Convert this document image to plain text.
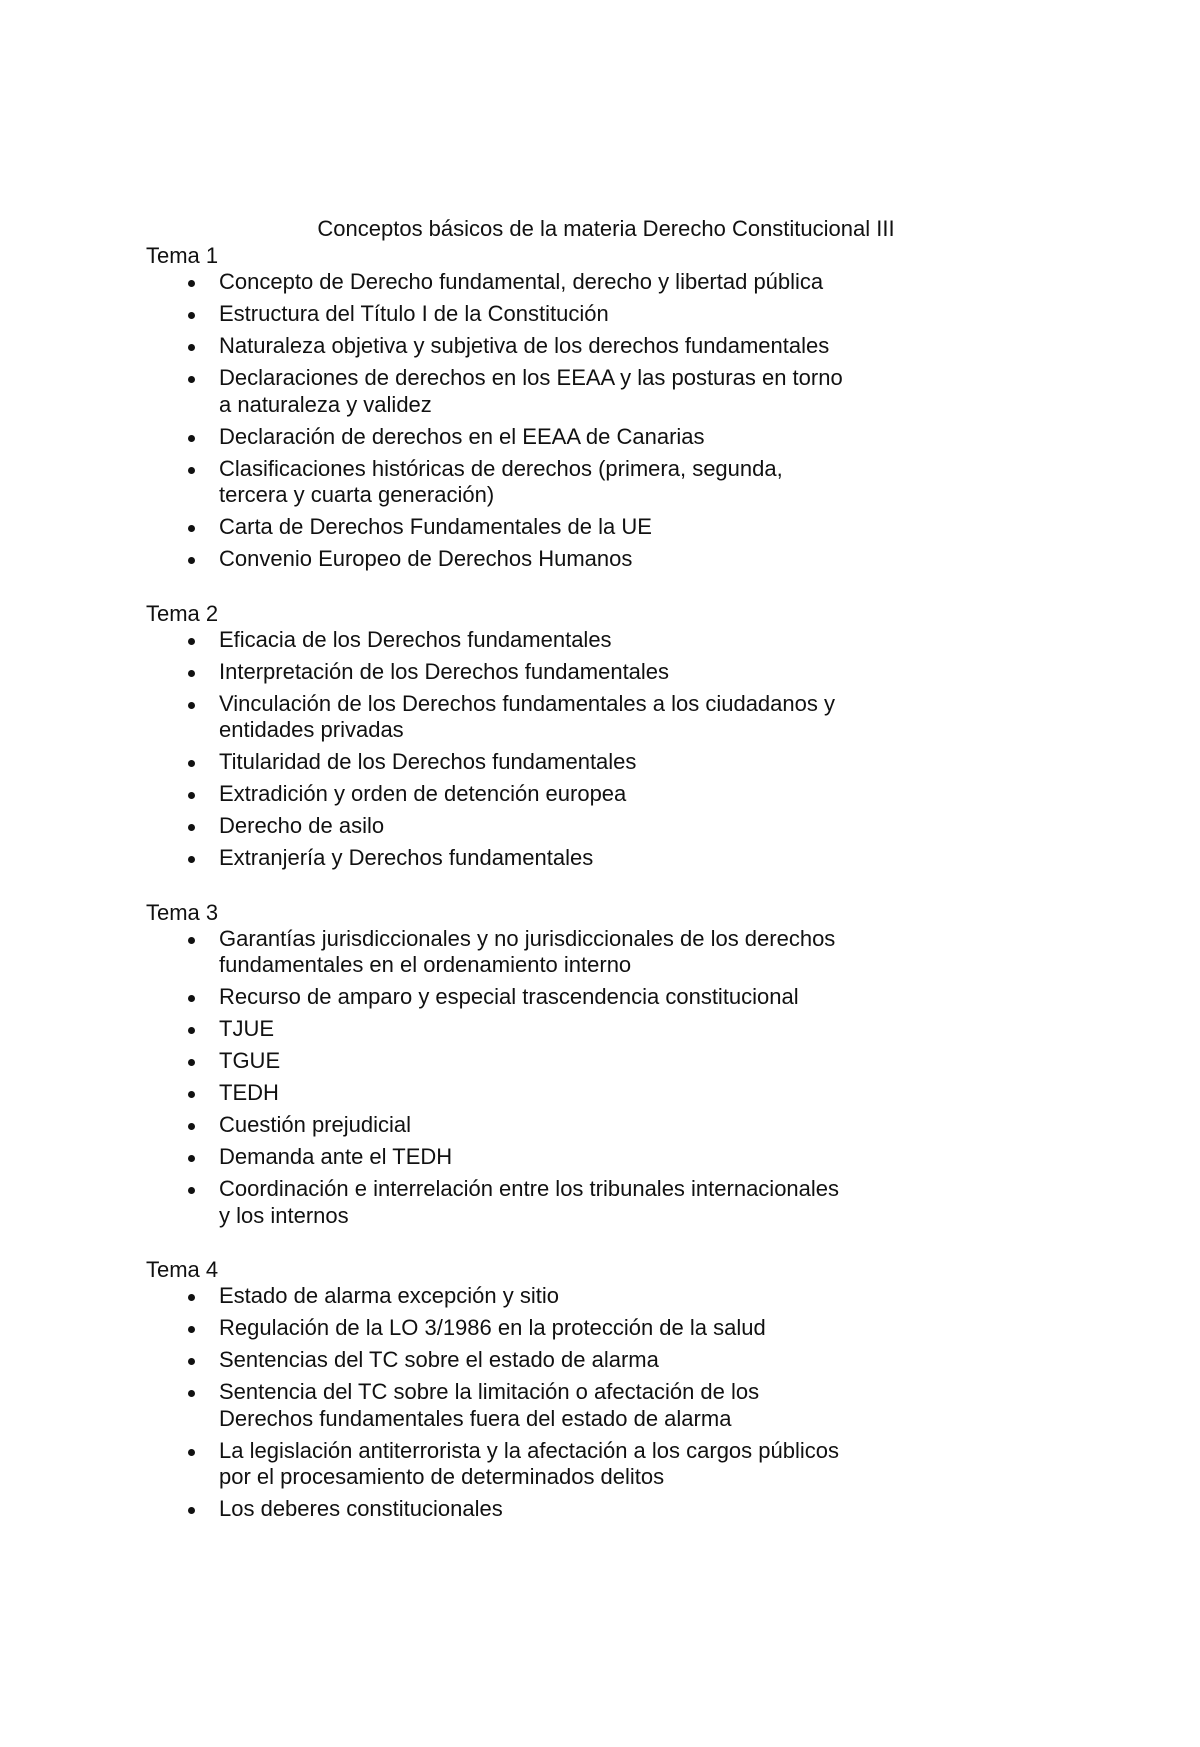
Conceptos básicos de la materia Derecho Constitucional III
Tema 1
Concepto de Derecho fundamental, derecho y libertad pública
Estructura del Título I de la Constitución
Naturaleza objetiva y subjetiva de los derechos fundamentales
Declaraciones de derechos en los EEAA y las posturas en torno a naturaleza y validez
Declaración de derechos en el EEAA de Canarias
Clasificaciones históricas de derechos (primera, segunda, tercera y cuarta generación)
Carta de Derechos Fundamentales de la UE
Convenio Europeo de Derechos Humanos
Tema 2
Eficacia de los Derechos fundamentales
Interpretación de los Derechos fundamentales
Vinculación de los Derechos fundamentales a los ciudadanos y entidades privadas
Titularidad de los Derechos fundamentales
Extradición y orden de detención europea
Derecho de asilo
Extranjería y Derechos fundamentales
Tema 3
Garantías jurisdiccionales y no jurisdiccionales de los derechos fundamentales en el ordenamiento interno
Recurso de amparo y especial trascendencia constitucional
TJUE
TGUE
TEDH
Cuestión prejudicial
Demanda ante el TEDH
Coordinación e interrelación entre los tribunales internacionales y los internos
Tema 4
Estado de alarma excepción y sitio
Regulación de la LO 3/1986 en la protección de la salud
Sentencias del TC sobre el estado de alarma
Sentencia del TC sobre la limitación o afectación de los Derechos fundamentales fuera del estado de alarma
La legislación antiterrorista y la afectación a los cargos públicos por el procesamiento de determinados delitos
Los deberes constitucionales
